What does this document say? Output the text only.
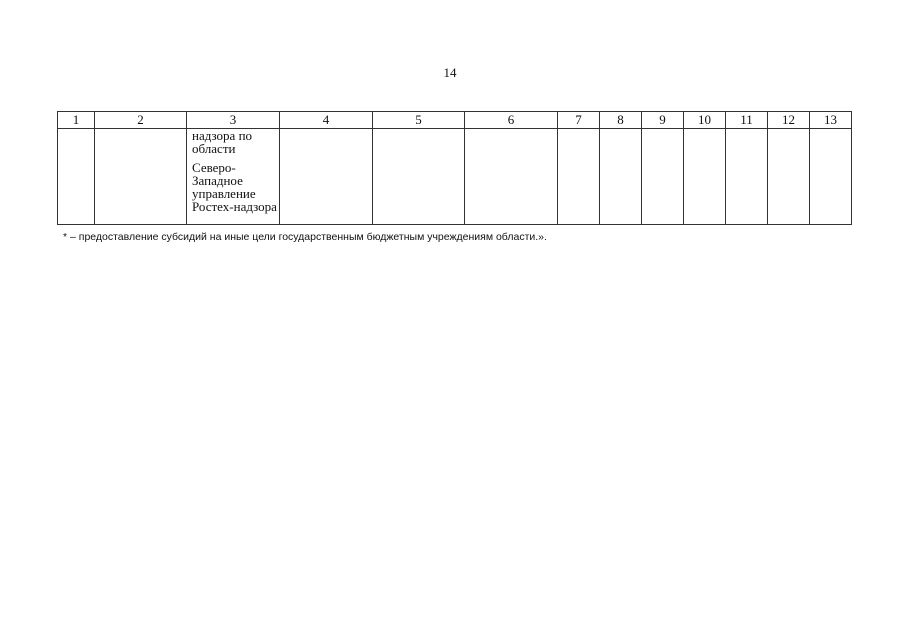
14
1	2	3	4	5	6	7	8	9	10	11	12	13

		надзора по области
Северо-Западное управление Ростех-надзора										

* – предоставление субсидий на иные цели государственным бюджетным учреждениям области.».
